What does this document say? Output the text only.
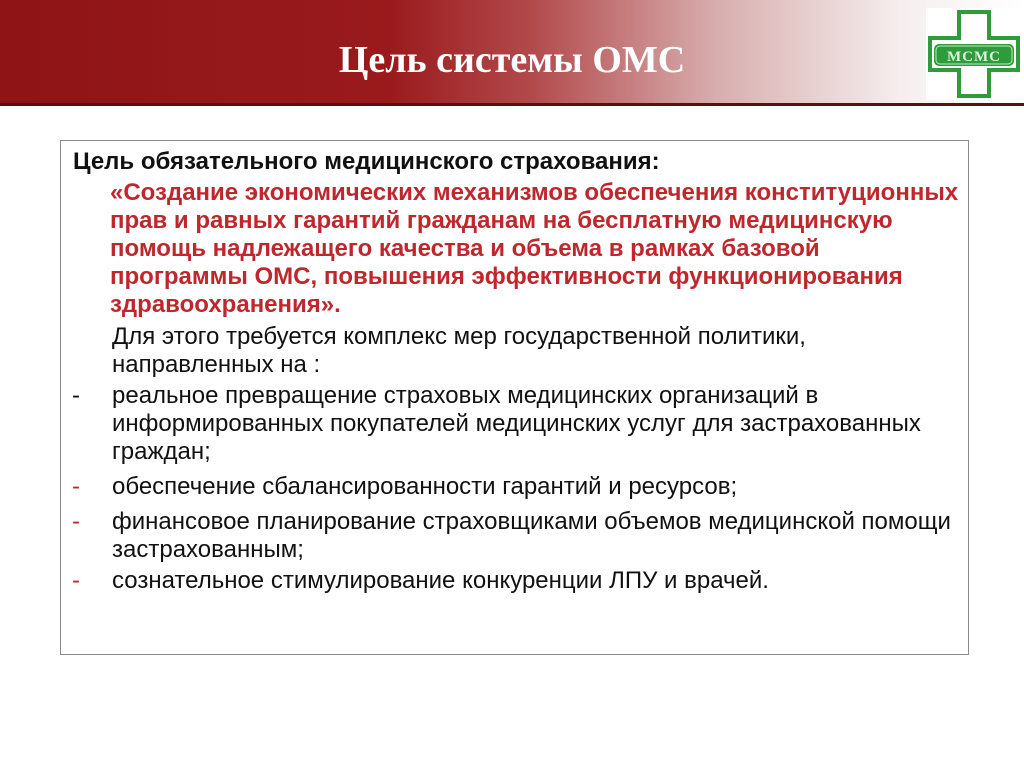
Цель системы ОМС	МСМС
Цель обязательного медицинского страхования:
«Создание экономических механизмов обеспечения конституционных прав и равных гарантий гражданам на бесплатную медицинскую помощь надлежащего качества и объема в рамках базовой программы ОМС, повышения эффективности функционирования здравоохранения».
Для этого требуется комплекс мер государственной политики, направленных на :
- реальное превращение страховых медицинских организаций в информированных покупателей медицинских услуг для застрахованных граждан;
- обеспечение сбалансированности гарантий и ресурсов;
- финансовое планирование страховщиками объемов медицинской помощи застрахованным;
- сознательное стимулирование конкуренции ЛПУ и врачей.
